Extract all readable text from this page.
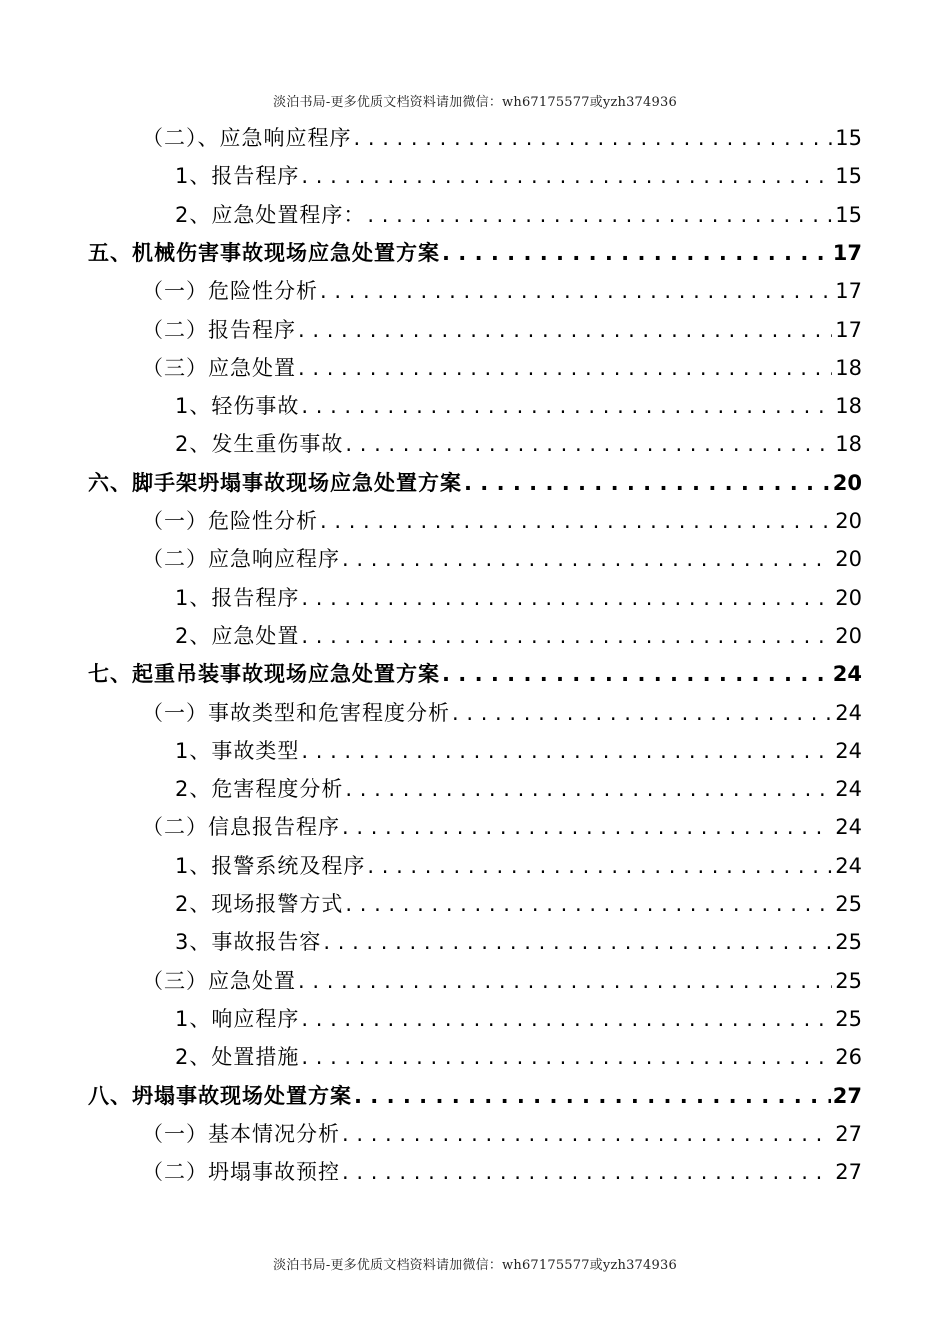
淡泊书局-更多优质文档资料请加微信：wh67175577或yzh374936
（二）、应急响应程序 . . .	15
1、报告程序 . . .	15
2、应急处置程序： . . .	15
五、机械伤害事故现场应急处置方案 . . .	17
（一）危险性分析 . . .	17
（二）报告程序 . . .	17
（三）应急处置 . . .	18
1、轻伤事故 . . .	18
2、发生重伤事故 . . .	18
六、脚手架坍塌事故现场应急处置方案 . . .	20
（一）危险性分析 . . .	20
（二）应急响应程序 . . .	20
1、报告程序 . . .	20
2、应急处置 . . .	20
七、起重吊装事故现场应急处置方案 . . .	24
（一）事故类型和危害程度分析 . . .	24
1、事故类型 . . .	24
2、危害程度分析 . . .	24
（二）信息报告程序 . . .	24
1、报警系统及程序 . . .	24
2、现场报警方式 . . .	25
3、事故报告容 . . .	25
（三）应急处置 . . .	25
1、响应程序 . . .	25
2、处置措施 . . .	26
八、坍塌事故现场处置方案 . . .	27
（一）基本情况分析 . . .	27
（二）坍塌事故预控 . . .	27
淡泊书局-更多优质文档资料请加微信：wh67175577或yzh374936
